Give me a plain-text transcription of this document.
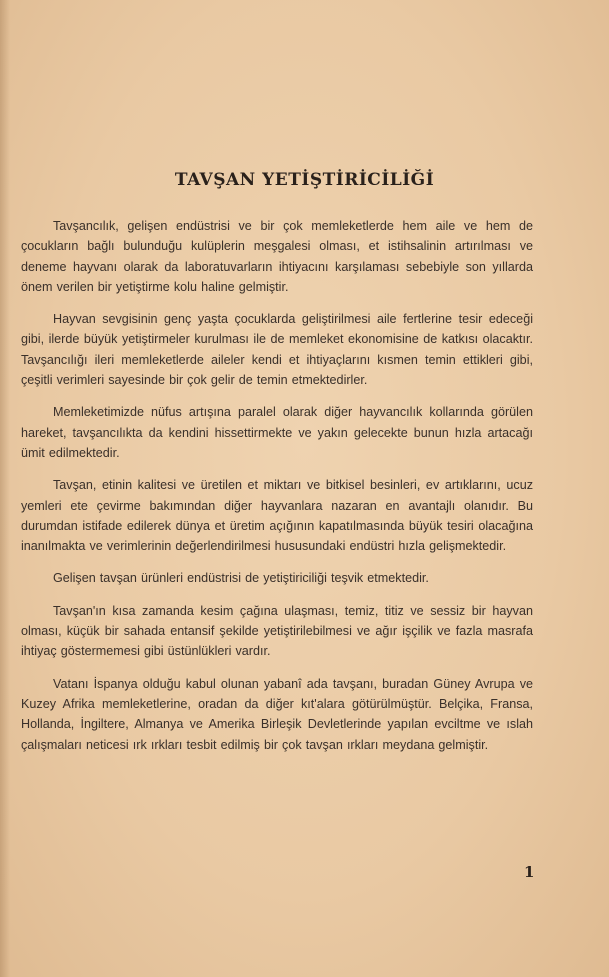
TAVŞAN YETİŞTİRİCİLİĞİ

Tavşancılık, gelişen endüstrisi ve bir çok memleketlerde hem aile ve hem de çocukların bağlı bulunduğu kulüplerin meşgalesi olması, et istihsalinin artırılması ve deneme hayvanı olarak da laboratuvarların ihtiyacını karşılaması sebebiyle son yıllarda önem verilen bir yetiştirme kolu haline gelmiştir.

Hayvan sevgisinin genç yaşta çocuklarda geliştirilmesi aile fertlerine tesir edeceği gibi, ilerde büyük yetiştirmeler kurulması ile de memleket ekonomisine de katkısı olacaktır. Tavşancılığı ileri memleketlerde aileler kendi et ihtiyaçlarını kısmen temin ettikleri gibi, çeşitli verimleri sayesinde bir çok gelir de temin etmektedirler.

Memleketimizde nüfus artışına paralel olarak diğer hayvancılık kollarında görülen hareket, tavşancılıkta da kendini hissettirmekte ve yakın gelecekte bunun hızla artacağı ümit edilmektedir.

Tavşan, etinin kalitesi ve üretilen et miktarı ve bitkisel besinleri, ev artıklarını, ucuz yemleri ete çevirme bakımından diğer hayvanlara nazaran en avantajlı olanıdır. Bu durumdan istifade edilerek dünya et üretim açığının kapatılmasında büyük tesiri olacağına inanılmakta ve verimlerinin değerlendirilmesi hususundaki endüstri hızla gelişmektedir.

Gelişen tavşan ürünleri endüstrisi de yetiştiriciliği teşvik etmektedir.

Tavşan'ın kısa zamanda kesim çağına ulaşması, temiz, titiz ve sessiz bir hayvan olması, küçük bir sahada entansif şekilde yetiştirilebilmesi ve ağır işçilik ve fazla masrafa ihtiyaç göstermemesi gibi üstünlükleri vardır.

Vatanı İspanya olduğu kabul olunan yabanî ada tavşanı, buradan Güney Avrupa ve Kuzey Afrika memleketlerine, oradan da diğer kıt'alara götürülmüştür. Belçika, Fransa, Hollanda, İngiltere, Almanya ve Amerika Birleşik Devletlerinde yapılan evciltme ve ıslah çalışmaları neticesi ırk ırkları tesbit edilmiş bir çok tavşan ırkları meydana gelmiştir.

1
